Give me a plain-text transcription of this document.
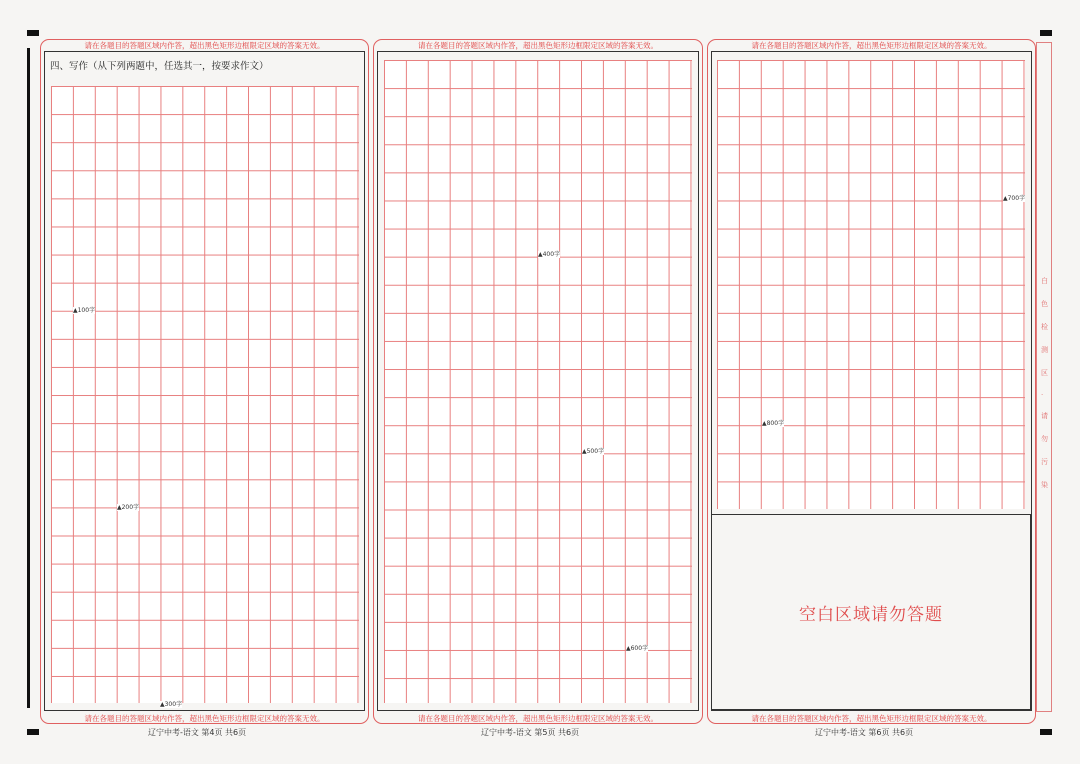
请在各题目的答题区域内作答，超出黑色矩形边框限定区域的答案无效。
请在各题目的答题区域内作答，超出黑色矩形边框限定区域的答案无效。
四、写作（从下列两题中，任选其一，按要求作文）
▲100字
▲200字
▲300字
请在各题目的答题区域内作答，超出黑色矩形边框限定区域的答案无效。
请在各题目的答题区域内作答，超出黑色矩形边框限定区域的答案无效。
▲400字
▲500字
▲600字
请在各题目的答题区域内作答，超出黑色矩形边框限定区域的答案无效。
请在各题目的答题区域内作答，超出黑色矩形边框限定区域的答案无效。
▲700字
▲800字
空白区域请勿答题
辽宁中考-语文 第4页 共6页	辽宁中考-语文 第5页 共6页	辽宁中考-语文 第6页 共6页
白色检测区
·
请勿污染
